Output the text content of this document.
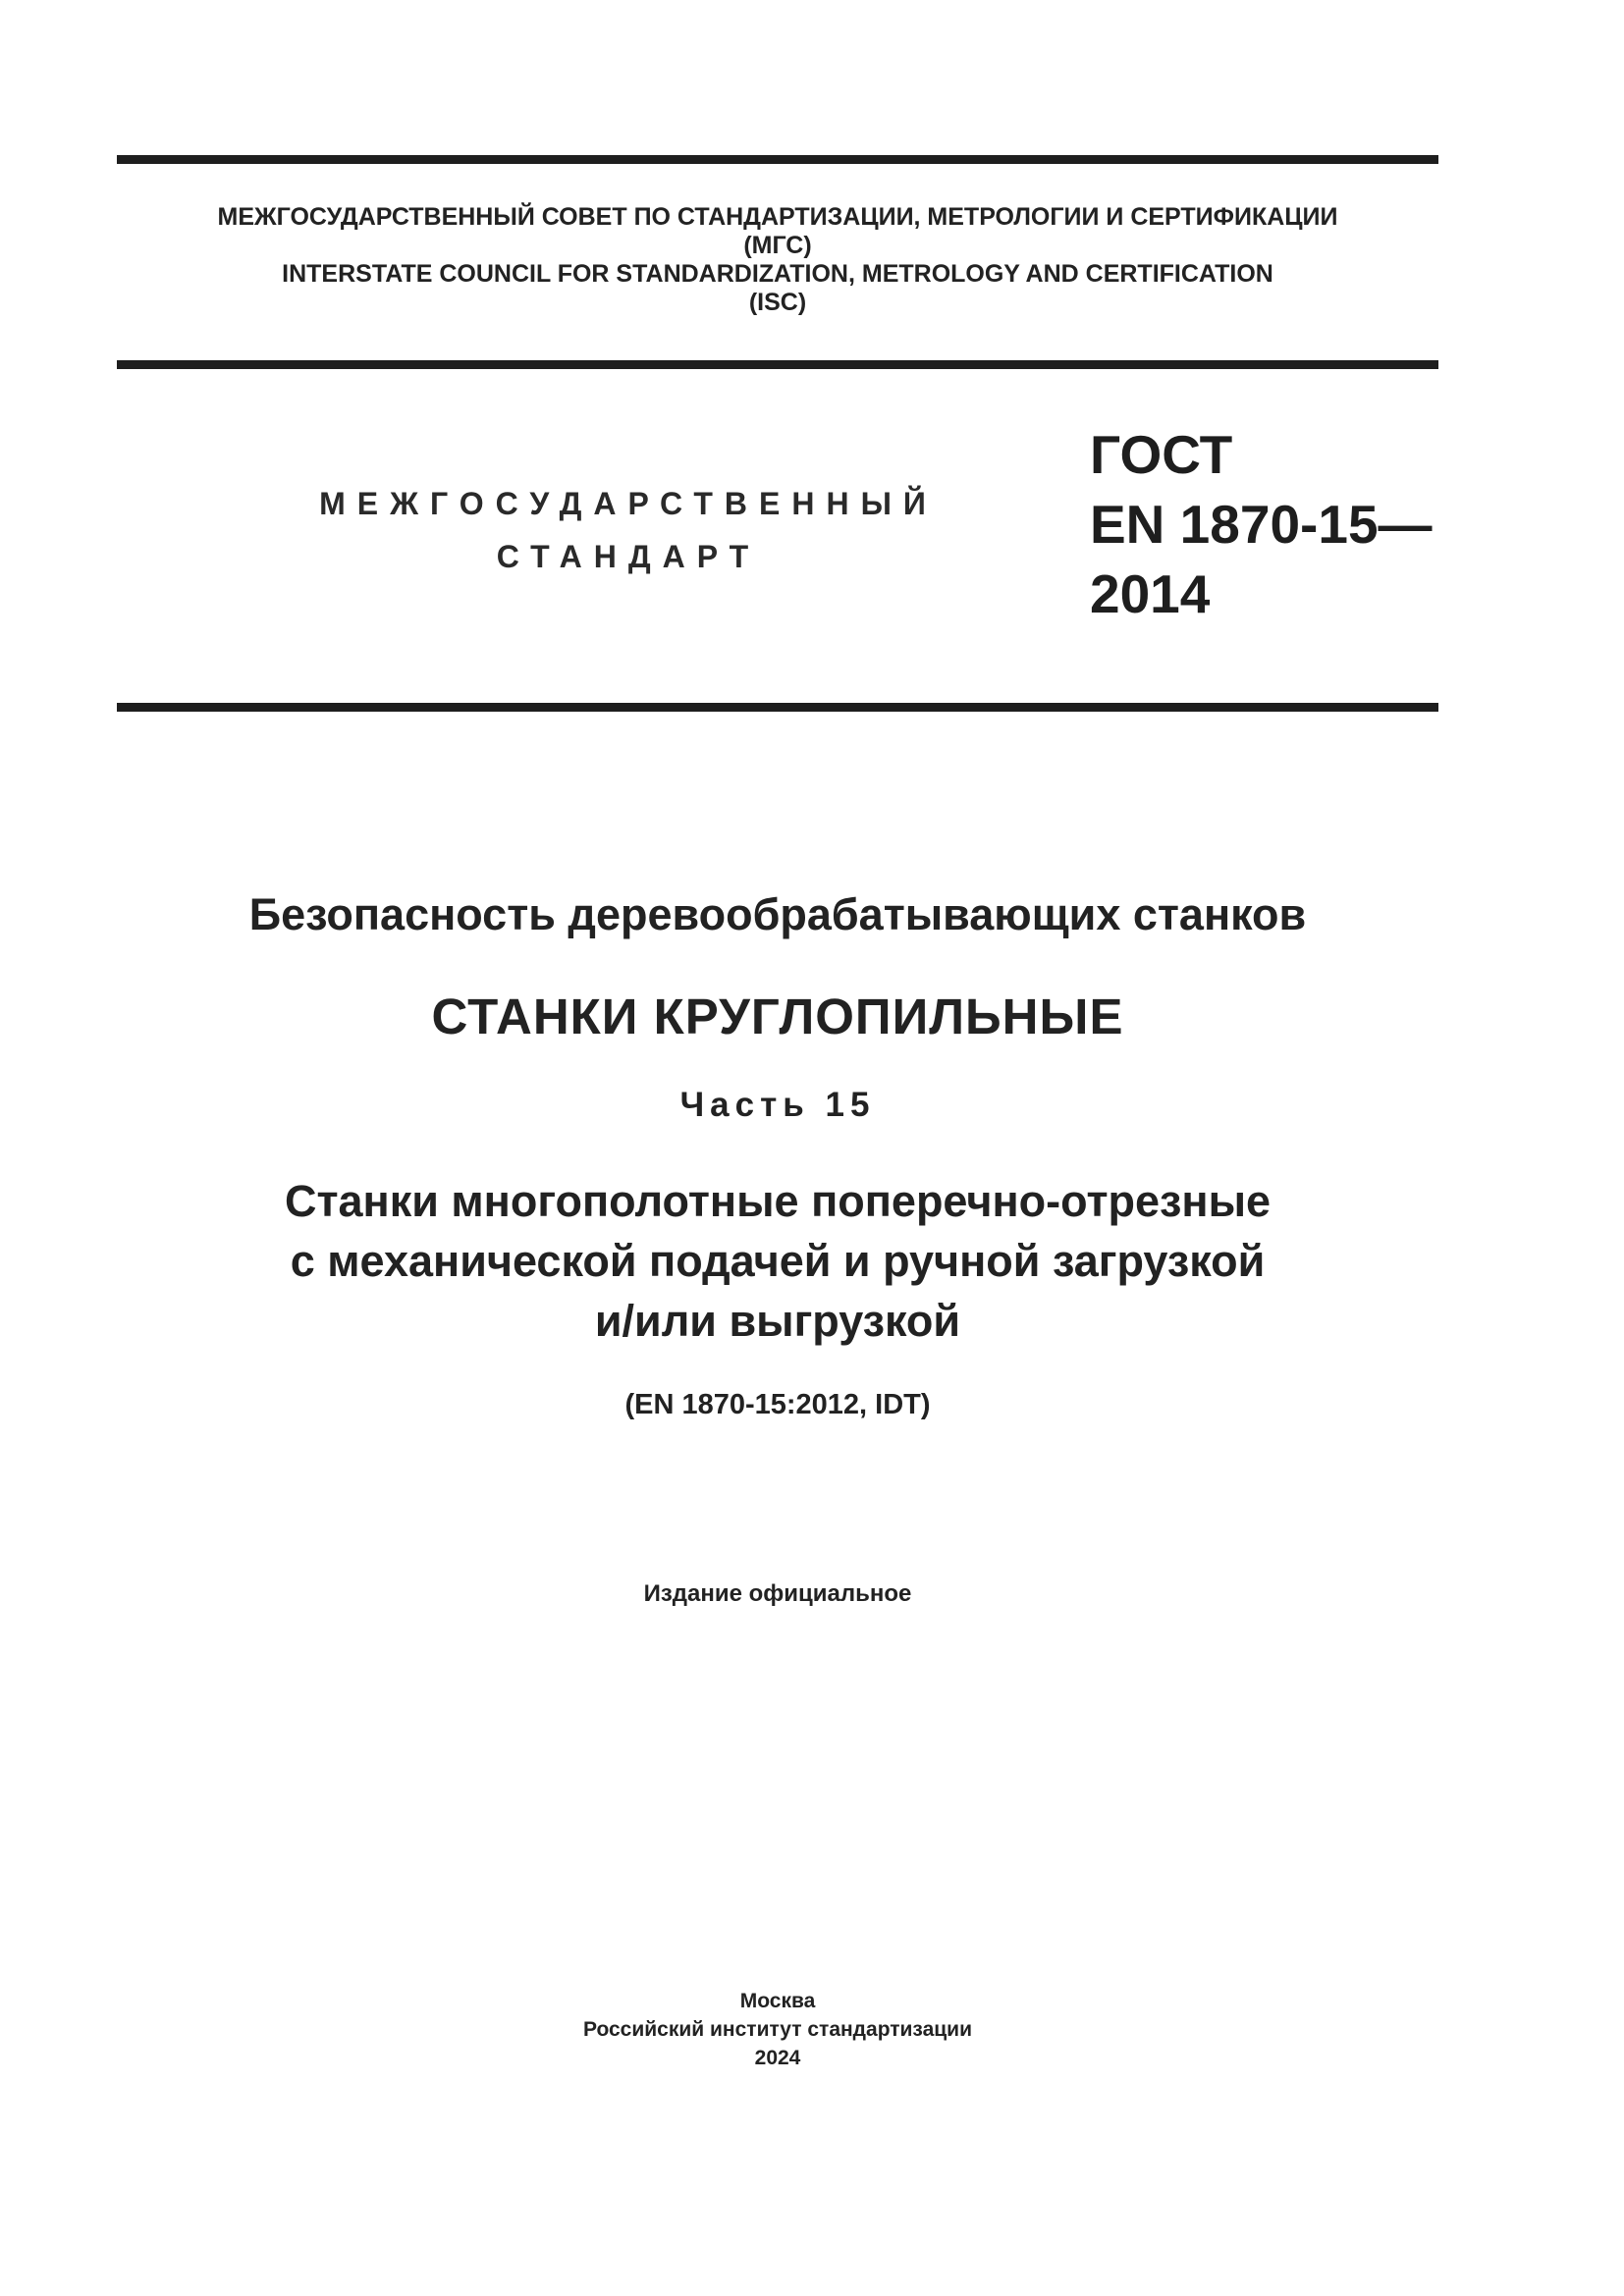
МЕЖГОСУДАРСТВЕННЫЙ СОВЕТ ПО СТАНДАРТИЗАЦИИ, МЕТРОЛОГИИ И СЕРТИФИКАЦИИ
(МГС)
INTERSTATE COUNCIL FOR STANDARDIZATION, METROLOGY AND CERTIFICATION
(ISC)
МЕЖГОСУДАРСТВЕННЫЙ
СТАНДАРТ
ГОСТ
EN 1870-15—
2014
Безопасность деревообрабатывающих станков
СТАНКИ КРУГЛОПИЛЬНЫЕ
Часть 15
Станки многополотные поперечно-отрезные
с механической подачей и ручной загрузкой
и/или выгрузкой
(EN 1870-15:2012, IDT)
Издание официальное
Москва
Российский институт стандартизации
2024
